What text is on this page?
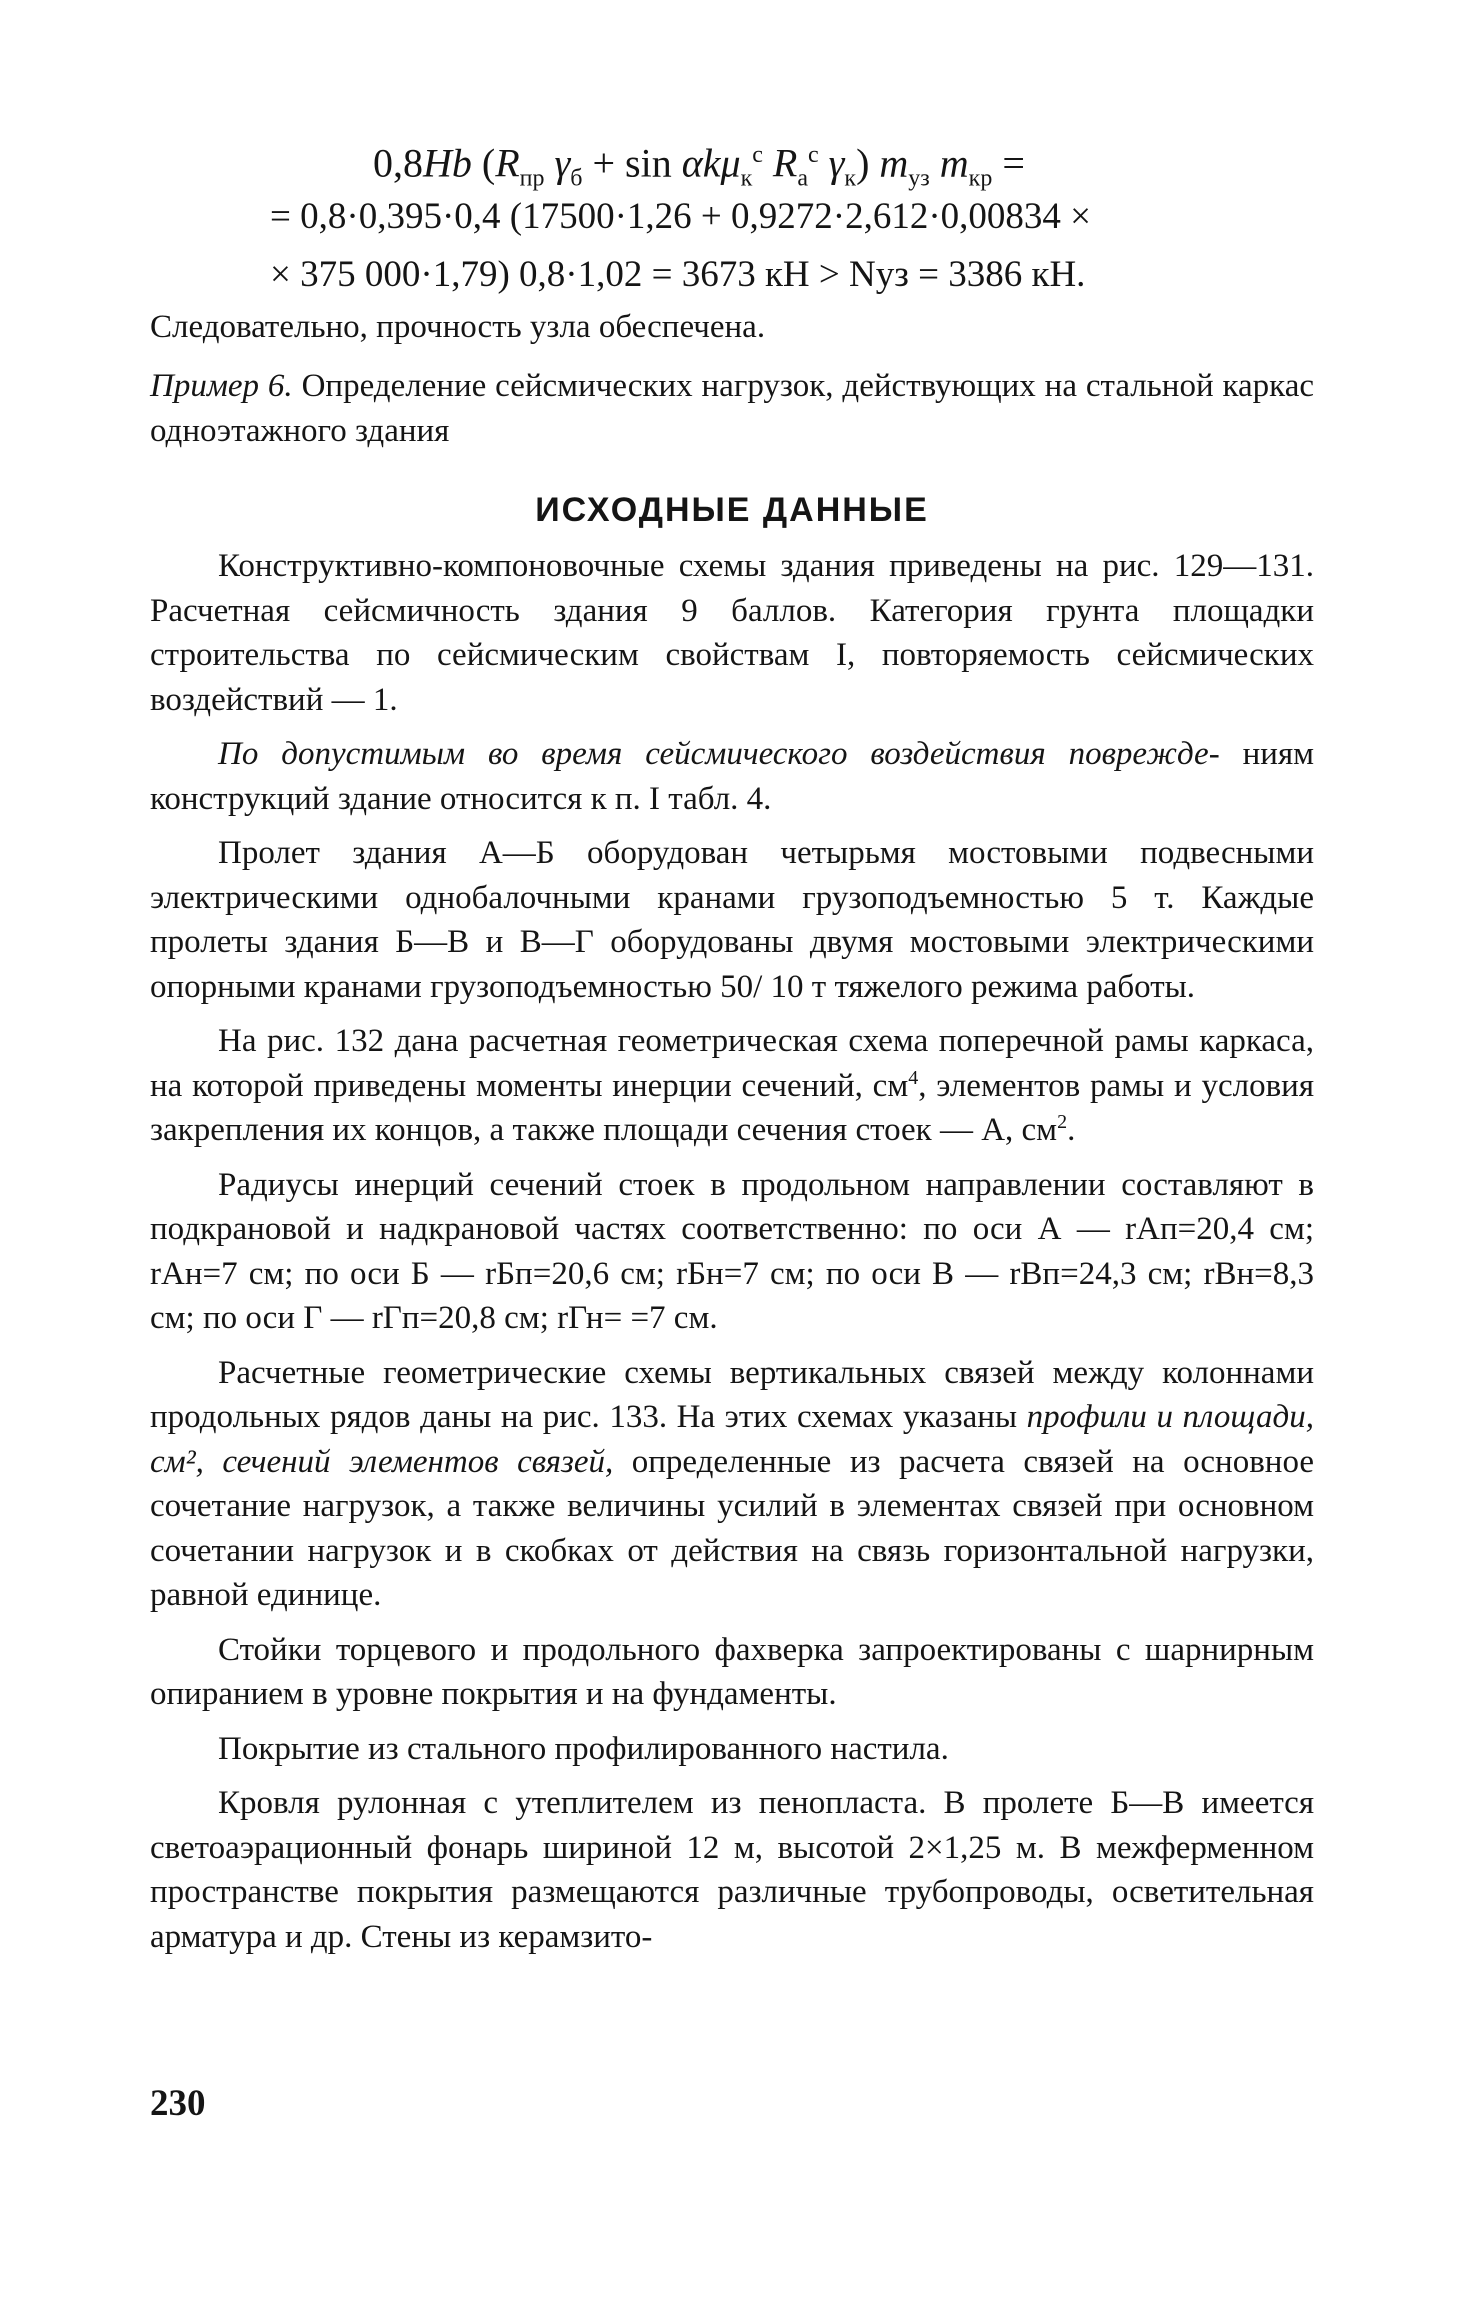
0,8Hb ($R_{пр}$ $\gamma_б + \sin \alpha k\mu_к^с$ $R_а^с$ $\gamma_к$) $m_{уз}$ $m_{кр}$ =
= 0,8·0,395·0,4 (17500·1,26 + 0,9272·2,612·0,00834 ×
× 375 000·1,79) 0,8·1,02 = 3673 кН > Nуз = 3386 кН.

Следовательно, прочность узла обеспечена.

Пример 6. Определение сейсмических нагрузок, действующих на стальной каркас одноэтажного здания

ИСХОДНЫЕ ДАННЫЕ

Конструктивно-компоновочные схемы здания приведены на рис. 129—131. Расчетная сейсмичность здания 9 баллов. Категория грунта площадки строительства по сейсмическим свойствам I, повторяемость сейсмических воздействий — 1.

По допустимым во время сейсмического воздействия поврежде- ниям конструкций здание относится к п. I табл. 4.

Пролет здания А—Б оборудован четырьмя мостовыми подвесными электрическими однобалочными кранами грузоподъемностью 5 т. Каждые пролеты здания Б—В и В—Г оборудованы двумя мостовыми электрическими опорными кранами грузоподъемностью 50/ 10 т тяжелого режима работы.

На рис. 132 дана расчетная геометрическая схема поперечной рамы каркаса, на которой приведены моменты инерции сечений, $см^4$, элементов рамы и условия закрепления их концов, а также площади сечения стоек — А, $см^2$.

Радиусы инерций сечений стоек в продольном направлении составляют в подкрановой и надкрановой частях соответственно: по оси А — rАп=20,4 см; rАн=7 см; по оси Б — rБп=20,6 см; rБн=7 см; по оси В — rВп=24,3 см; rВн=8,3 см; по оси Г — rГп=20,8 см; rГн= =7 см.

Расчетные геометрические схемы вертикальных связей между колоннами продольных рядов даны на рис. 133. На этих схемах указаны профили и площади, см², сечений элементов связей, определенные из расчета связей на основное сочетание нагрузок, а также величины усилий в элементах связей при основном сочетании нагрузок и в скобках от действия на связь горизонтальной нагрузки, равной единице.

Стойки торцевого и продольного фахверка запроектированы с шарнирным опиранием в уровне покрытия и на фундаменты.

Покрытие из стального профилированного настила.

Кровля рулонная с утеплителем из пенопласта. В пролете Б—В имеется светоаэрационный фонарь шириной 12 м, высотой 2×1,25 м. В межферменном пространстве покрытия размещаются различные трубопроводы, осветительная арматура и др. Стены из керамзито-

230
